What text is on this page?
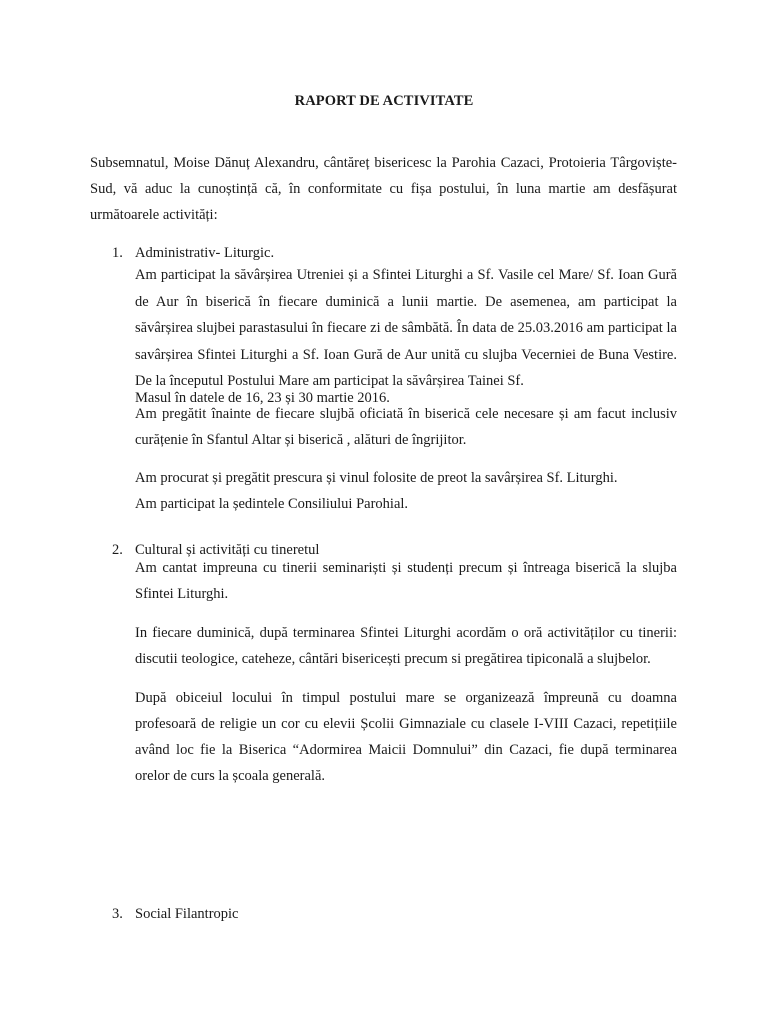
RAPORT DE ACTIVITATE

Subsemnatul, Moise Dănuț Alexandru, cântăreț bisericesc la Parohia Cazaci, Protoieria Târgoviște- Sud, vă aduc la cunoștință că, în conformitate cu fișa postului, în luna martie am desfășurat următoarele activități:

1. Administrativ- Liturgic.

Am participat la săvârșirea Utreniei și a Sfintei Liturghi a Sf. Vasile cel Mare/ Sf. Ioan Gură de Aur în biserică în fiecare duminică a lunii martie. De asemenea, am participat la săvârșirea slujbei parastasului în fiecare zi de sâmbătă. În data de 25.03.2016 am participat la savârșirea Sfintei Liturghi a Sf. Ioan Gură de Aur unită cu slujba Vecerniei de Buna Vestire. De la începutul Postului Mare am participat la săvârșirea Tainei Sf.

Masul în datele de 16, 23 și 30 martie 2016.

Am pregătit înainte de fiecare slujbă oficiată în biserică cele necesare și am facut inclusiv curățenie în Sfantul Altar și biserică , alături de îngrijitor.

Am procurat și pregătit prescura și vinul folosite de preot la savârșirea Sf. Liturghi.

Am participat la ședintele Consiliului Parohial.

2. Cultural și activități cu tineretul

Am cantat impreuna cu tinerii seminariști și studenți precum și întreaga biserică la slujba Sfintei Liturghi.

In fiecare duminică, după terminarea Sfintei Liturghi acordăm o oră activităților cu tinerii: discutii teologice, cateheze, cântări bisericești precum si pregătirea tipiconală a slujbelor.

După obiceiul locului în timpul postului mare se organizează împreună cu doamna profesoară de religie un cor cu elevii Școlii Gimnaziale cu clasele I-VIII Cazaci, repetițiile având loc fie la Biserica “Adormirea Maicii Domnului” din Cazaci, fie după terminarea orelor de curs la școala generală.

3. Social Filantropic
